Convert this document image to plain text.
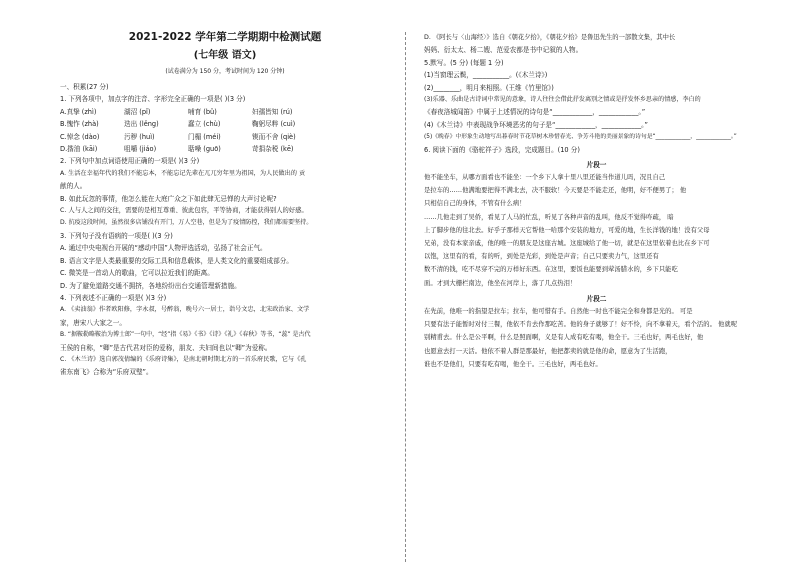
2021-2022 学年第二学期期中检测试题

(七年级 语文)

(试卷满分为 150 分，考试时间为 120 分钟)

一、积累(27 分)

1. 下列各项中，加点字的注音、字形完全正确的一项是( )(3 分)

A.真挚 (zhì)	湖沼 (pǐ)	哺育 (bǔ)	妇孺皆知 (rú)
B.愧怍 (zhà)	迭出 (lěng)	蠢立 (chù)	鞠躬尽粹 (cuì)
C.悼念 (dào)	污秽 (huì)	门楣 (méi)	锲而不舍 (qiè)
D.揩油 (kāi)	咀嚼 (jiáo)	聒噪 (guō)	苛捐杂税 (kē)

2. 下列句中加点词语使用正确的一项是( )(3 分)

A. 生活在幸福年代的我们不能忘本，不能忘记先辈在兀兀穷年里为祖国，为人民做出的 贡

献的人。

B. 如此玩忽的事情，他怎么能在大庭广众之下如此肆无忌惮的大声讨论呢?

C. 人与人之间的交往，需要的是相互尊重、彼此包容，平等协商，才能获得别人的好感。

D. 抗疫这段时间，虽然很多店铺没有开门，万人空巷，但是为了疫情防控，我们都需要坚持。

3. 下列句子没有语病的一项是( )(3 分)

A. 通过中央电视台开展的“感动中国”人物评选活动，弘扬了社会正气。

B. 语言文字是人类最重要的交际工具和信息载体，是人类文化的重要组成部分。

C. 微笑是一首动人的歌曲，它可以拉近我们的距离。

D. 为了避免道路交通不拥挤，各地纷纷出台交通管理新措施。

4. 下列表述不正确的一项是( )(3 分)

A. 《卖油翁》作者欧阳修，字永叔，号醉翁，晚号六一居士，诣号文忠，北宋政治家、文学

家，唐宋八大家之一。

B. “据鞍勒略鞍治为博士郎”一句中，“经”指《易》《书》《诗》《礼》《春秋》等书，“蕊” 是古代

王侯的自称，“卿”是古代君对臣的爱称，朋友、夫妇间也以“卿”为爱称。

C. 《木兰诗》选自郭茂倩编的《乐府诗集》，是南北朝时期北方的一首乐府民歌，它与《孔

雀东南飞》合称为“乐府双璧”。

D. 《阿长与〈山海经〉》选自《朝花夕拾》，《朝花夕拾》是鲁迅先生的一部散文集，其中长

妈妈、衍太太、杨二嫂、范爱农都是书中记叙的人物。

5.默写。(5 分) (每题 1 分)

(1)当窗理云鬓，___________。(《木兰诗》)

(2)________，明月来相照。(王维《竹里馆》)

(3)乐器、乐曲是古诗词中常见的意象，诗人往往会借此抒发离别之情或是抒发怀乡思亲的情感，李白的

《春夜洛城闻笛》中属于上述情况的诗句是“____________，____________。”

(4)《木兰诗》中表现战争环境恶劣的句子是“____________，____________。”

(5)《晚春》中形象生动地写出暮春时节花草树木珍惜春光、争芳斗艳的美丽景象的诗句是“____________，____________。”

6. 阅读下面的《骆驼祥子》选段，完成题目。(10 分)

片段一

他不能坐车，从哪方面看也不能坐：一个乡下人拿十里八里还能当作道儿吗，况且自己

是拉车的……他满地要把得不满北去，决不服软！今天要是不能走还，他明，好不便男了； 他

只相信自己的身体，不管有什么病！

……几他走到了吴侨，看见了人马的忙乱，听见了各种声音的乱叫，他反不觉得咋疏， 暗

上了脚步他的往北去。好乎子那样天它帮他一哈那个安装的地方，可爱的地，生长洋钱的地！没有父母

兄弟，没有本家亲戚，他的唯一的朋友是这座古城。这座城给了他一切，就是在这里依着也比在乡下可

以饱，这里有的看，有的听，到处是光彩，到处是声音；自己只要卖力气，这里还有

数不清的钱，吃不尽穿不完的万样好东西。在这里，要饭也能要到荤汤腊水的，乡下只能吃

面。才到大栅栏南边，他坐在河岸上，落了几点热泪！

片段二

在先前，他唯一的指望是拉车；拉车，他可惜有手。自然他一时也不能完全和身都是光的。 可是

只要有法子能暂时对付三餐，他依不肯去作那吃苦。他的身子就够了！好不怜，向不拿着天，看个活的。 他就呢

别精甫去。什么是公平啊，什么是照面啊，义是有人成有吃有喝，他全干。三毛也好，两毛也好，他

也愿意去打一天活。他依不着人群是那最好，他把都卖的就是他的命，愿意为了生活跑，

谁也不是他们，只要有吃有喝，他全干。三毛也好，两毛也好。
